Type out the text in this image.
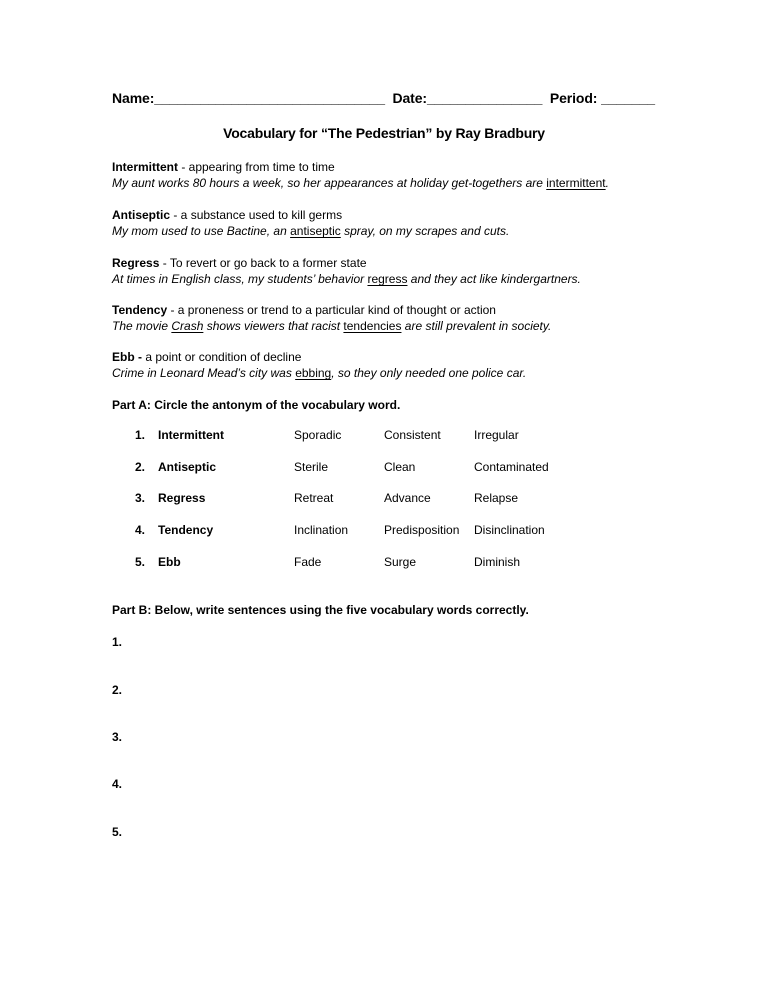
Name:______________________________  Date:_______________  Period: _______
Vocabulary for “The Pedestrian” by Ray Bradbury
Intermittent - appearing from time to time
My aunt works 80 hours a week, so her appearances at holiday get-togethers are intermittent.
Antiseptic - a substance used to kill germs
My mom used to use Bactine, an antiseptic spray, on my scrapes and cuts.
Regress - To revert or go back to a former state
At times in English class, my students’ behavior regress and they act like kindergartners.
Tendency - a proneness or trend to a particular kind of thought or action
The movie Crash shows viewers that racist tendencies are still prevalent in society.
Ebb - a point or condition of decline
Crime in Leonard Mead’s city was ebbing, so they only needed one police car.
Part A: Circle the antonym of the vocabulary word.
1. Intermittent	Sporadic	Consistent	Irregular
2. Antiseptic	Sterile	Clean	Contaminated
3. Regress	Retreat	Advance	Relapse
4. Tendency	Inclination	Predisposition Disinclination
5. Ebb	Fade	Surge	Diminish
Part B: Below, write sentences using the five vocabulary words correctly.
1.
2.
3.
4.
5.
